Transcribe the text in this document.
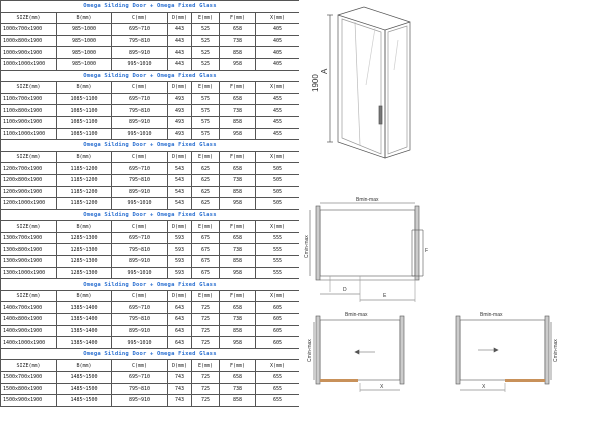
Omega Silding Door + Omega Fixed Glass						
SIZE(mm)	B(mm)	C(mm)	D(mm)	E(mm)	F(mm)	X(mm)
1000x700x1900	985~1000	695~710	443	525	658	405
1000x800x1900	985~1000	795~810	443	525	738	405
1000x900x1900	985~1000	895~910	443	525	858	405
1000x1000x1900	985~1000	995~1010	443	525	958	405
Omega Silding Door + Omega Fixed Glass						
SIZE(mm)	B(mm)	C(mm)	D(mm)	E(mm)	F(mm)	X(mm)
1100x700x1900	1085~1100	695~710	493	575	658	455
1100x800x1900	1085~1100	795~810	493	575	738	455
1100x900x1900	1085~1100	895~910	493	575	858	455
1100x1000x1900	1085~1100	995~1010	493	575	958	455
Omega Silding Door + Omega Fixed Glass						
SIZE(mm)	B(mm)	C(mm)	D(mm)	E(mm)	F(mm)	X(mm)
1200x700x1900	1185~1200	695~710	543	625	658	505
1200x800x1900	1185~1200	795~810	543	625	738	505
1200x900x1900	1185~1200	895~910	543	625	858	505
1200x1000x1900	1185~1200	995~1010	543	625	958	505
Omega Silding Door + Omega Fixed Glass						
SIZE(mm)	B(mm)	C(mm)	D(mm)	E(mm)	F(mm)	X(mm)
1300x700x1900	1285~1300	695~710	593	675	658	555
1300x800x1900	1285~1300	795~810	593	675	738	555
1300x900x1900	1285~1300	895~910	593	675	858	555
1300x1000x1900	1285~1300	995~1010	593	675	958	555
Omega Silding Door + Omega Fixed Glass						
SIZE(mm)	B(mm)	C(mm)	D(mm)	E(mm)	F(mm)	X(mm)
1400x700x1900	1385~1400	695~710	643	725	658	605
1400x800x1900	1385~1400	795~810	643	725	738	605
1400x900x1900	1385~1400	895~910	643	725	858	605
1400x1000x1900	1385~1400	995~1010	643	725	958	605
Omega Silding Door + Omega Fixed Glass						
SIZE(mm)	B(mm)	C(mm)	D(mm)	E(mm)	F(mm)	X(mm)
1500x700x1900	1485~1500	695~710	743	725	658	655
1500x800x1900	1485~1500	795~810	743	725	738	655
1500x900x1900	1485~1500	895~910	743	725	858	655
1900
A
Bmin-max
Cmin-max
D
E
F
Bmin-max
Cmin-max
X
Bmin-max
Cmin-max
X
